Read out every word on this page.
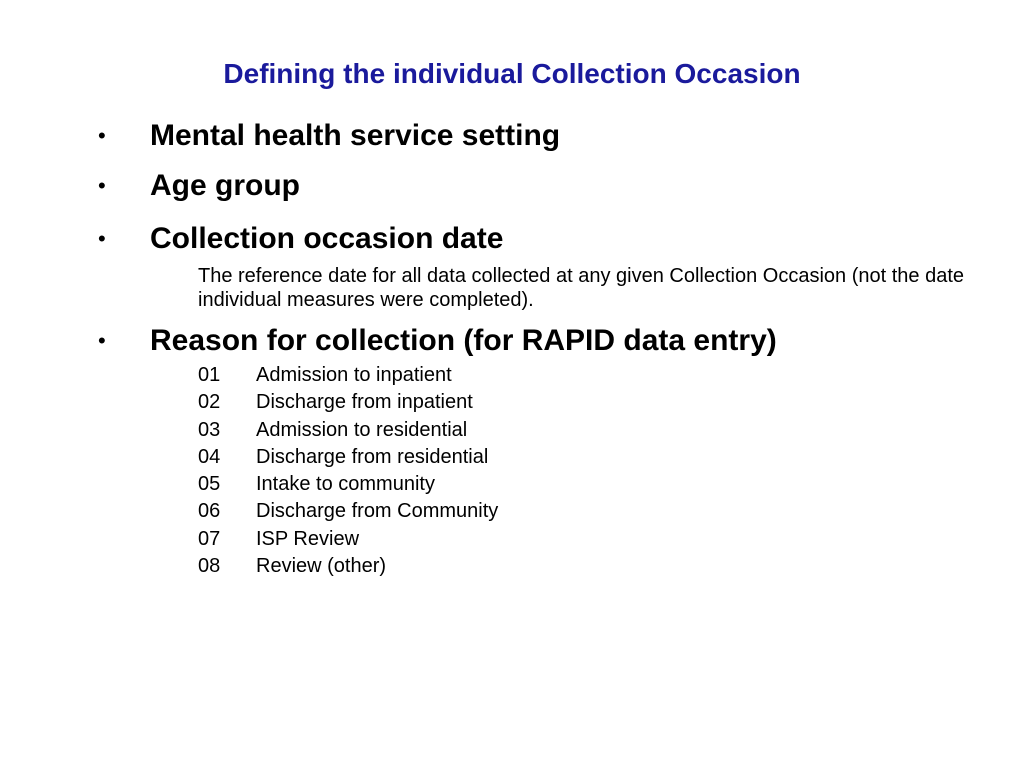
Defining the individual Collection Occasion
• Mental health service setting
• Age group
• Collection occasion date
The reference date for all data collected at any given Collection Occasion (not the date individual measures were completed).
• Reason for collection (for RAPID data entry)
01 Admission to inpatient
02 Discharge from inpatient
03 Admission to residential
04 Discharge from residential
05 Intake to community
06 Discharge from Community
07 ISP Review
08 Review (other)
